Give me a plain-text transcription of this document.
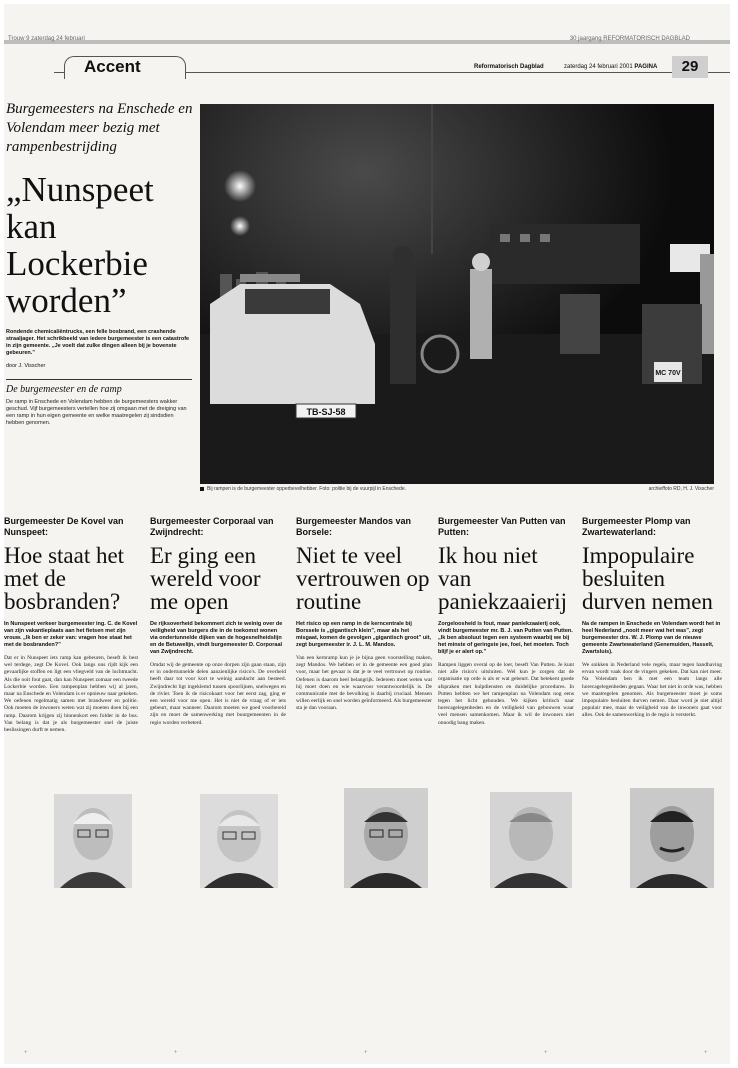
Trouw 9 zaterdag 24 februari	30 jaargang REFORMATORISCH DAGBLAD
Accent	Reformatorisch Dagblad	zaterdag 24 februari 2001 PAGINA	29
Burgemeesters na Enschede en Volendam meer bezig met rampenbestrijding
„Nunspeet kan Lockerbie worden”
Rondende chemicaliëntrucks, een felle bosbrand, een crashende straaljager. Het schrikbeeld van iedere burgemeester is een catastrofe in zijn gemeente. „Je voelt dat zulke dingen alleen bij je bovenste gebeuren.”
door J. Visscher
De burgemeester en de ramp
De ramp in Enschede en Volendam hebben de burgemeesters wakker geschud. Vijf burgemeesters vertellen hoe zij omgaan met de dreiging van een ramp in hun eigen gemeente en welke maatregelen zij sindsdien hebben genomen.
TB-SJ-58
MC 70V
Bij rampen is de burgemeester opperbevelhebber. Foto: politie bij de vuurpijl in Enschede.	archieffoto RD, H. J. Visscher
Burgemeester De Kovel van Nunspeet:
Hoe staat het met de bosbranden?
In Nunspeet verkeer burgemeester ing. C. de Kovel van zijn vakantieplaats aan het fietsen met zijn vrouw. „Ik ben er zeker van: vragen hoe staat het met de bosbranden?”
Dat er in Nunspeet iets ramp kan gebeuren, beseft ik best wel terdege, zegt De Kovel. Ook langs ons rijdt kijk een gevaarlijke stoffen en ligt een vliegveld van de luchtmacht. Als die ooit fout gaat, dan kan Nunspeet zomaar een tweede Lockerbie worden. Een rampenplan hebben wij al jaren, maar na Enschede en Volendam is er opnieuw naar gekeken. We oefenen regelmatig samen met brandweer en politie. Ook moeten de inwoners weten wat zij moeten doen bij een ramp. Daarom krijgen zij binnenkort een folder in de bus. Van belang is dat je als burgemeester snel de juiste beslissingen durft te nemen.
Burgemeester Corporaal van Zwijndrecht:
Er ging een wereld voor me open
De rijksoverheid bekommert zich te weinig over de veiligheid van burgers die in de toekomst wonen via ondertunnelde dijken van de hogesnelheidslijn en de Betuwelijn, vindt burgemeester D. Corporaal van Zwijndrecht.
Omdat wij de gemeente op onze dorpen zijn gaan staan, zijn er in ondertunnelde delen aanzienlijke risico's. De overheid heeft daar tot voor kort te weinig aandacht aan besteed. Zwijndrecht ligt ingeklemd tussen spoorlijnen, snelwegen en de rivier. Toen ik de risicokaart voor het eerst zag, ging er een wereld voor me open. Het is niet de vraag of er iets gebeurt, maar wanneer. Daarom moeten we goed voorbereid zijn en moet de samenwerking met buurgemeenten in de regio worden verbeterd.
Burgemeester Mandos van Borsele:
Niet te veel vertrouwen op routine
Het risico op een ramp in de kerncentrale bij Borssele is „gigantisch klein”, maar als het misgaat, komen de gevolgen „gigantisch groot” uit, zegt burgemeester ir. J. L. M. Mandos.
Van een kernramp kun je je bijna geen voorstelling maken, zegt Mandos. We hebben er in de gemeente een goed plan voor, maar het gevaar is dat je te veel vertrouwt op routine. Oefenen is daarom heel belangrijk. Iedereen moet weten wat hij moet doen en wie waarvoor verantwoordelijk is. De communicatie met de bevolking is daarbij cruciaal. Mensen willen eerlijk en snel worden geïnformeerd. Als burgemeester sta je dan vooraan.
Burgemeester Van Putten van Putten:
Ik hou niet van paniekzaaierij
Zorgeloosheid is fout, maar paniekzaaierij ook, vindt burgemeester mr. B. J. van Putten van Putten. „Ik ben absoluut tegen een systeem waarbij we bij het minste of geringste jee, foei, het moeten. Toch blijf je er alert op.”
Rampen liggen overal op de loer, beseft Van Putten. Je kunt niet alle risico's uitsluiten. Wel kun je zorgen dat de organisatie op orde is als er wat gebeurt. Dat betekent goede afspraken met hulpdiensten en duidelijke procedures. In Putten hebben we het rampenplan na Volendam nog eens tegen het licht gehouden. We kijken kritisch naar horecagelegenheden en de veiligheid van gebouwen waar veel mensen samenkomen. Maar ik wil de inwoners niet onnodig bang maken.
Burgemeester Plomp van Zwartewaterland:
Impopulaire besluiten durven nemen
Na de rampen in Enschede en Volendam wordt het in heel Nederland „nooit meer wat het was”, zegt burgemeester drs. W. J. Plomp van de nieuwe gemeente Zwartewaterland (Genemuiden, Hasselt, Zwartsluis).
We snikken in Nederland vele regels, maar tegen handhaving ervan wordt vaak door de vingers gekeken. Dat kan niet meer. Na Volendam ben ik met een team langs alle horecagelegenheden gegaan. Waar het niet in orde was, hebben we maatregelen genomen. Als burgemeester moet je soms impopulaire besluiten durven nemen. Daar word je niet altijd populair mee, maar de veiligheid van de inwoners gaat voor alles. Ook de samenwerking in de regio is versterkt.
+	+	+	+	+
